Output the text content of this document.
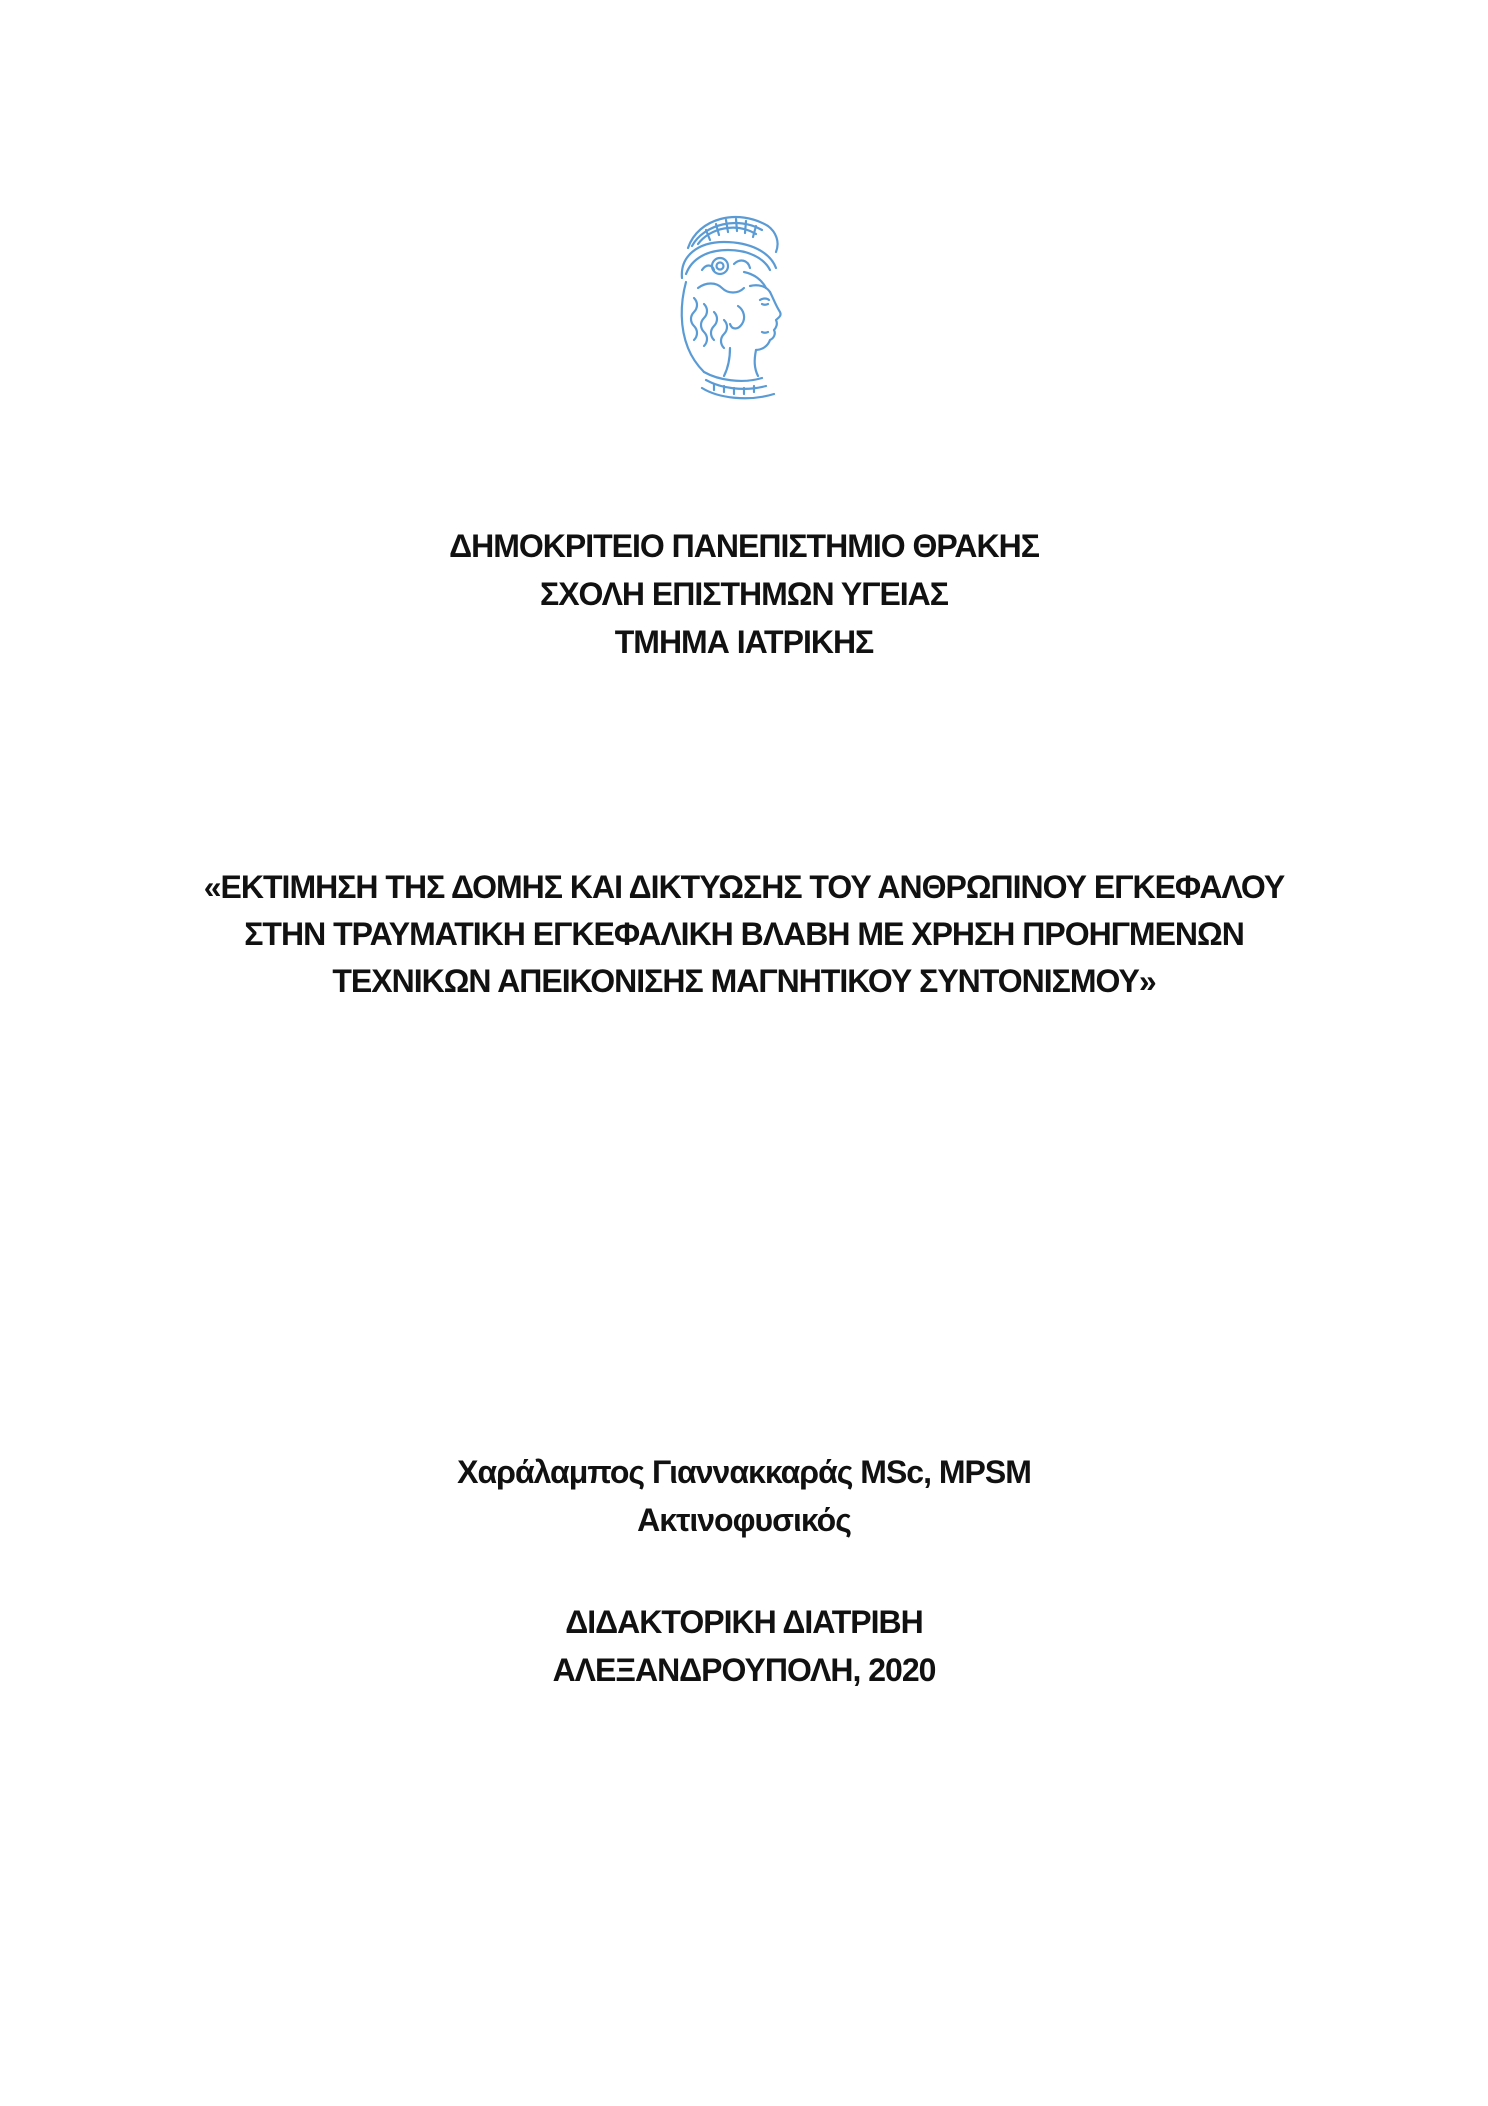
ΔΗΜΟΚΡΙΤΕΙΟ ΠΑΝΕΠΙΣΤΗΜΙΟ ΘΡΑΚΗΣ
ΣΧΟΛΗ ΕΠΙΣΤΗΜΩΝ ΥΓΕΙΑΣ
ΤΜΗΜΑ ΙΑΤΡΙΚΗΣ
«ΕΚΤΙΜΗΣΗ ΤΗΣ ΔΟΜΗΣ ΚΑΙ ΔΙΚΤΥΩΣΗΣ ΤΟΥ ΑΝΘΡΩΠΙΝΟΥ ΕΓΚΕΦΑΛΟΥ
ΣΤΗΝ ΤΡΑΥΜΑΤΙΚΗ ΕΓΚΕΦΑΛΙΚΗ ΒΛΑΒΗ ΜΕ ΧΡΗΣΗ ΠΡΟΗΓΜΕΝΩΝ
ΤΕΧΝΙΚΩΝ ΑΠΕΙΚΟΝΙΣΗΣ ΜΑΓΝΗΤΙΚΟΥ ΣΥΝΤΟΝΙΣΜΟΥ»
Χαράλαμπος Γιαννακκαράς MSc, MPSM
Ακτινοφυσικός
ΔΙΔΑΚΤΟΡΙΚΗ ΔΙΑΤΡΙΒΗ
ΑΛΕΞΑΝΔΡΟΥΠΟΛΗ, 2020
